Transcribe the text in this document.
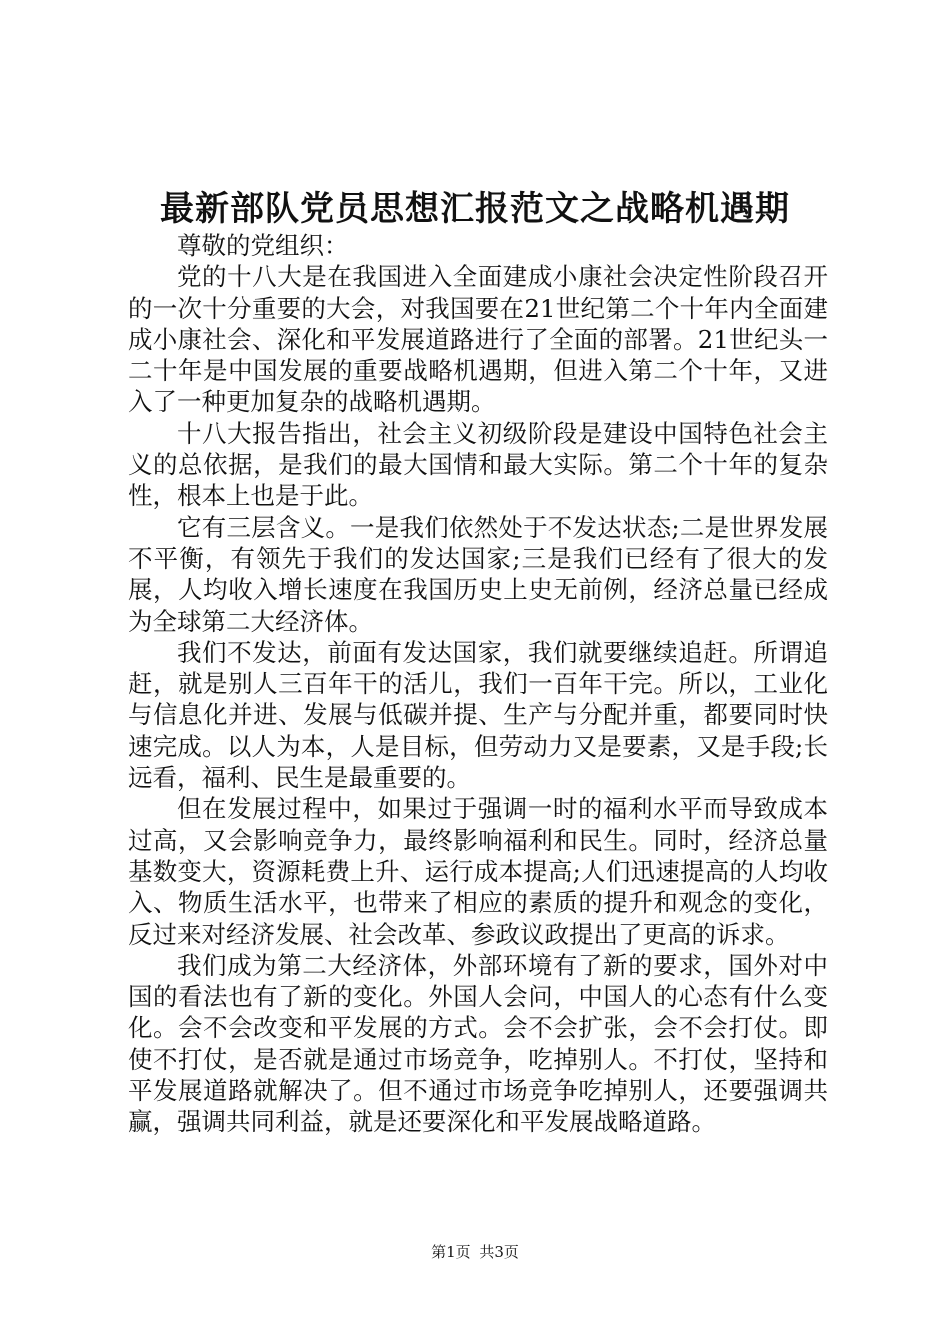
最新部队党员思想汇报范文之战略机遇期

尊敬的党组织：

党的十八大是在我国进入全面建成小康社会决定性阶段召开的一次十分重要的大会，对我国要在21世纪第二个十年内全面建成小康社会、深化和平发展道路进行了全面的部署。21世纪头一二十年是中国发展的重要战略机遇期，但进入第二个十年，又进入了一种更加复杂的战略机遇期。

十八大报告指出，社会主义初级阶段是建设中国特色社会主义的总依据，是我们的最大国情和最大实际。第二个十年的复杂性，根本上也是于此。

它有三层含义。一是我们依然处于不发达状态;二是世界发展不平衡，有领先于我们的发达国家;三是我们已经有了很大的发展，人均收入增长速度在我国历史上史无前例，经济总量已经成为全球第二大经济体。

我们不发达，前面有发达国家，我们就要继续追赶。所谓追赶，就是别人三百年干的活儿，我们一百年干完。所以，工业化与信息化并进、发展与低碳并提、生产与分配并重，都要同时快速完成。以人为本，人是目标，但劳动力又是要素，又是手段;长远看，福利、民生是最重要的。

但在发展过程中，如果过于强调一时的福利水平而导致成本过高，又会影响竞争力，最终影响福利和民生。同时，经济总量基数变大，资源耗费上升、运行成本提高;人们迅速提高的人均收入、物质生活水平，也带来了相应的素质的提升和观念的变化，反过来对经济发展、社会改革、参政议政提出了更高的诉求。

我们成为第二大经济体，外部环境有了新的要求，国外对中国的看法也有了新的变化。外国人会问，中国人的心态有什么变化。会不会改变和平发展的方式。会不会扩张，会不会打仗。即使不打仗，是否就是通过市场竞争，吃掉别人。不打仗，坚持和平发展道路就解决了。但不通过市场竞争吃掉别人，还要强调共赢，强调共同利益，就是还要深化和平发展战略道路。

第1页 共3页
